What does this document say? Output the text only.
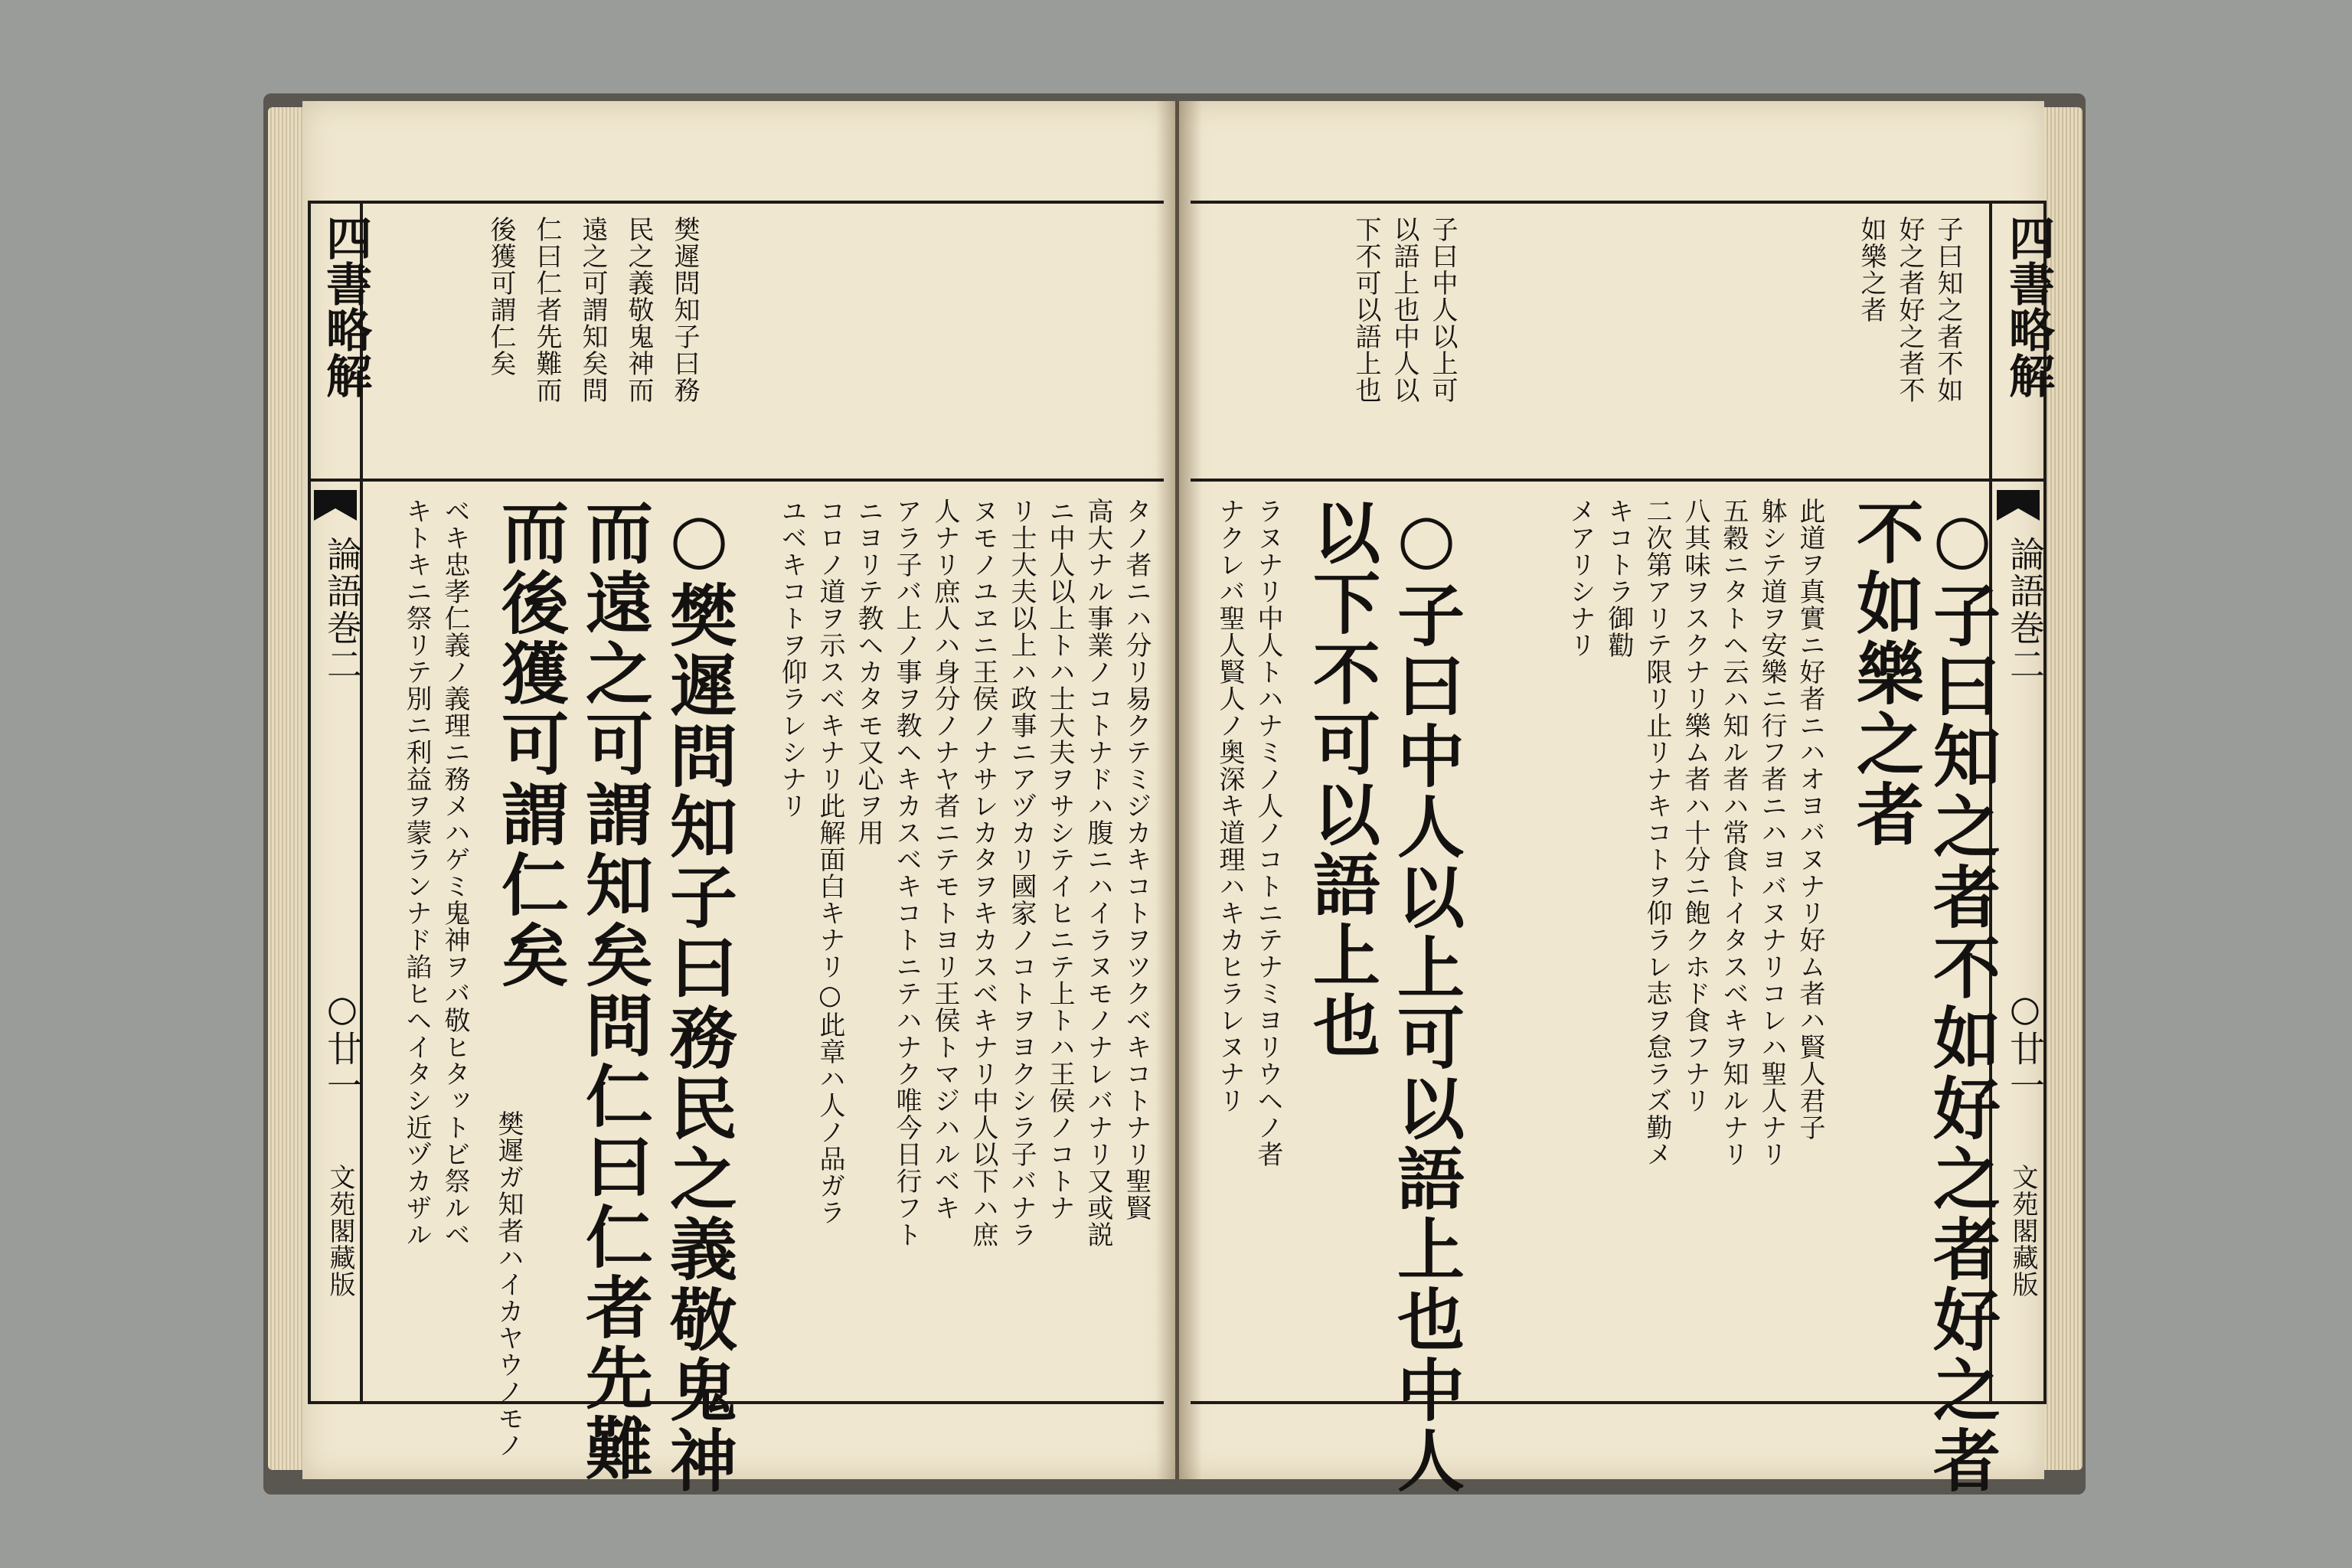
四書略解
論語巻二
○廿一
文苑閣藏版
四書略解
論語巻二
○廿一
文苑閣藏版
子曰知之者不如
好之者好之者不
如樂之者
子曰中人以上可
以語上也中人以
下不可以語上也
○子曰知之者不如好之者好之者
不如樂之者
此道ヲ真實ニ好者ニハオヨバヌナリ好ム者ハ賢人君子
躰シテ道ヲ安樂ニ行フ者ニハヨバヌナリコレハ聖人ナリ
五穀ニタトヘ云ハ知ル者ハ常食トイタスベキヲ知ルナリ
八其味ヲスクナリ樂ム者ハ十分ニ飽クホド食フナリ
二次第アリテ限リ止リナキコトヲ仰ラレ志ヲ怠ラズ勤メ
キコトラ御勸
メアリシナリ
○子曰中人以上可以語上也中人
以下不可以語上也
ラヌナリ中人トハナミノ人ノコトニテナミヨリウヘノ者
ナクレバ聖人賢人ノ奥深キ道理ハキカヒラレヌナリ
樊遲問知子曰務
民之義敬鬼神而
遠之可謂知矣問
仁曰仁者先難而
後獲可謂仁矣
タノ者ニハ分リ易クテミジカキコトヲツクベキコトナリ聖賢
高大ナル事業ノコトナドハ腹ニハイラヌモノナレバナリ又或説
ニ中人以上トハ士大夫ヲサシテイヒニテ上トハ王侯ノコトナ
リ士大夫以上ハ政事ニアヅカリ國家ノコトヲヨクシラ子バナラ
ヌモノユヱニ王侯ノナサレカタヲキカスベキナリ中人以下ハ庶
人ナリ庶人ハ身分ノナヤ者ニテモトヨリ王侯トマジハルベキ
アラ子バ上ノ事ヲ教ヘキカスベキコトニテハナク唯今日行フト
ニヨリテ教ヘカタモ又心ヲ用
コロノ道ヲ示スベキナリ此解面白キナリ○此章ハ人ノ品ガラ
ユベキコトヲ仰ラレシナリ
○樊遲問知子曰務民之義敬鬼神
而遠之可謂知矣問仁曰仁者先難
而後獲可謂仁矣
樊遲ガ知者ハイカヤウノモノ
ベキ忠孝仁義ノ義理ニ務メハゲミ鬼神ヲバ敬ヒタットビ祭ルベ
キトキニ祭リテ別ニ利益ヲ蒙ランナド諂ヒヘイタシ近ヅカザル
